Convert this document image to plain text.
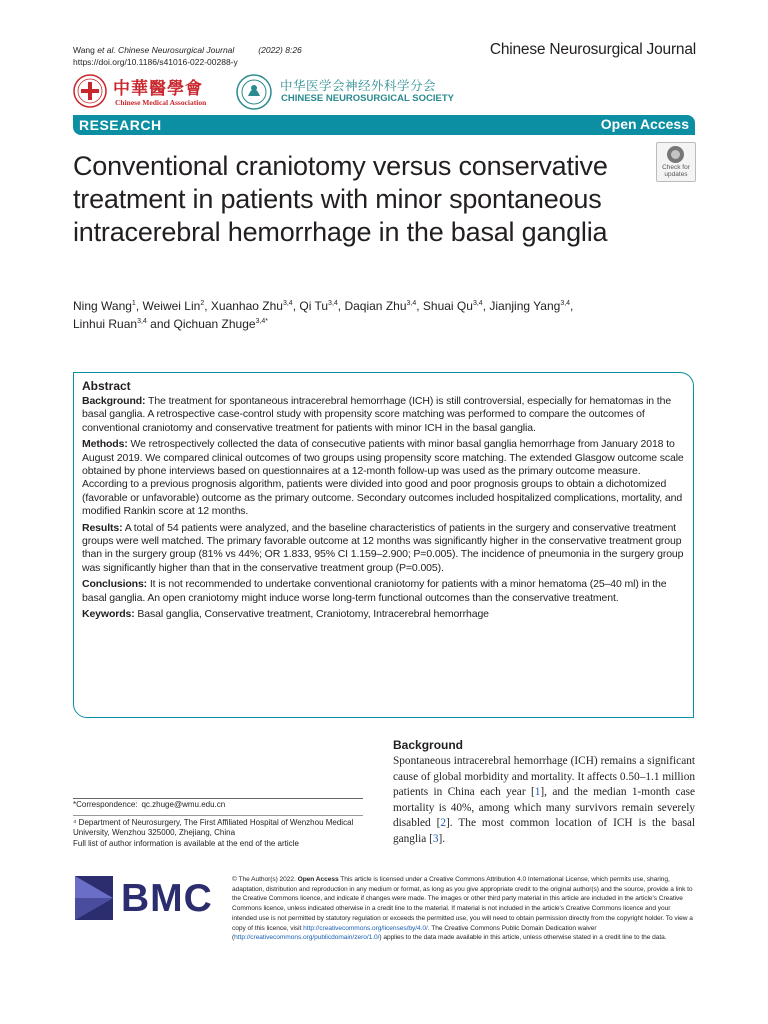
Wang et al. Chinese Neurosurgical Journal	(2022) 8:26
https://doi.org/10.1186/s41016-022-00288-y
Chinese Neurosurgical Journal
中華醫學會
Chinese Medical Association
中华医学会神经外科学分会
CHINESE NEUROSURGICAL SOCIETY
RESEARCH	Open Access
Conventional craniotomy versus conservative treatment in patients with minor spontaneous intracerebral hemorrhage in the basal ganglia
Check for
updates
Ning Wang$^1$, Weiwei Lin$^2$, Xuanhao Zhu$^{3,4}$, Qi Tu$^{3,4}$, Daqian Zhu$^{3,4}$, Shuai Qu$^{3,4}$, Jianjing Yang$^{3,4}$,
Linhui Ruan$^{3,4}$ and Qichuan Zhuge$^{3,4*}$
Abstract

Background: The treatment for spontaneous intracerebral hemorrhage (ICH) is still controversial, especially for hematomas in the basal ganglia. A retrospective case-control study with propensity score matching was performed to compare the outcomes of conventional craniotomy and conservative treatment for patients with minor ICH in the basal ganglia.

Methods: We retrospectively collected the data of consecutive patients with minor basal ganglia hemorrhage from January 2018 to August 2019. We compared clinical outcomes of two groups using propensity score matching. The extended Glasgow outcome scale obtained by phone interviews based on questionnaires at a 12-month follow-up was used as the primary outcome measure. According to a previous prognosis algorithm, patients were divided into good and poor prognosis groups to obtain a dichotomized (favorable or unfavorable) outcome as the primary outcome. Secondary outcomes included hospitalized complications, mortality, and modified Rankin score at 12 months.

Results: A total of 54 patients were analyzed, and the baseline characteristics of patients in the surgery and conservative treatment groups were well matched. The primary favorable outcome at 12 months was significantly higher in the conservative treatment group than in the surgery group (81% vs 44%; OR 1.833, 95% CI 1.159–2.900; P=0.005). The incidence of pneumonia in the surgery group was significantly higher than that in the conservative treatment group (P=0.005).

Conclusions: It is not recommended to undertake conventional craniotomy for patients with a minor hematoma (25–40 ml) in the basal ganglia. An open craniotomy might induce worse long-term functional outcomes than the conservative treatment.

Keywords: Basal ganglia, Conservative treatment, Craniotomy, Intracerebral hemorrhage

Background
Spontaneous intracerebral hemorrhage (ICH) remains a significant cause of global morbidity and mortality. It affects 0.50–1.1 million patients in China each year [1], and the median 1-month case mortality is 40%, among which many survivors remain severely disabled [2]. The most common location of ICH is the basal ganglia [3].

*Correspondence: qc.zhuge@wmu.edu.cn

⁴ Department of Neurosurgery, The First Affiliated Hospital of Wenzhou Medical University, Wenzhou 325000, Zhejiang, China

Full list of author information is available at the end of the article

BMC	© The Author(s) 2022. Open Access This article is licensed under a Creative Commons Attribution 4.0 International License, which permits use, sharing, adaptation, distribution and reproduction in any medium or format, as long as you give appropriate credit to the original author(s) and the source, provide a link to the Creative Commons licence, and indicate if changes were made. The images or other third party material in this article are included in the article's Creative Commons licence, unless indicated otherwise in a credit line to the material. If material is not included in the article's Creative Commons licence and your intended use is not permitted by statutory regulation or exceeds the permitted use, you will need to obtain permission directly from the copyright holder. To view a copy of this licence, visit http://creativecommons.org/licenses/by/4.0/. The Creative Commons Public Domain Dedication waiver (http://creativecommons.org/publicdomain/zero/1.0/) applies to the data made available in this article, unless otherwise stated in a credit line to the data.
